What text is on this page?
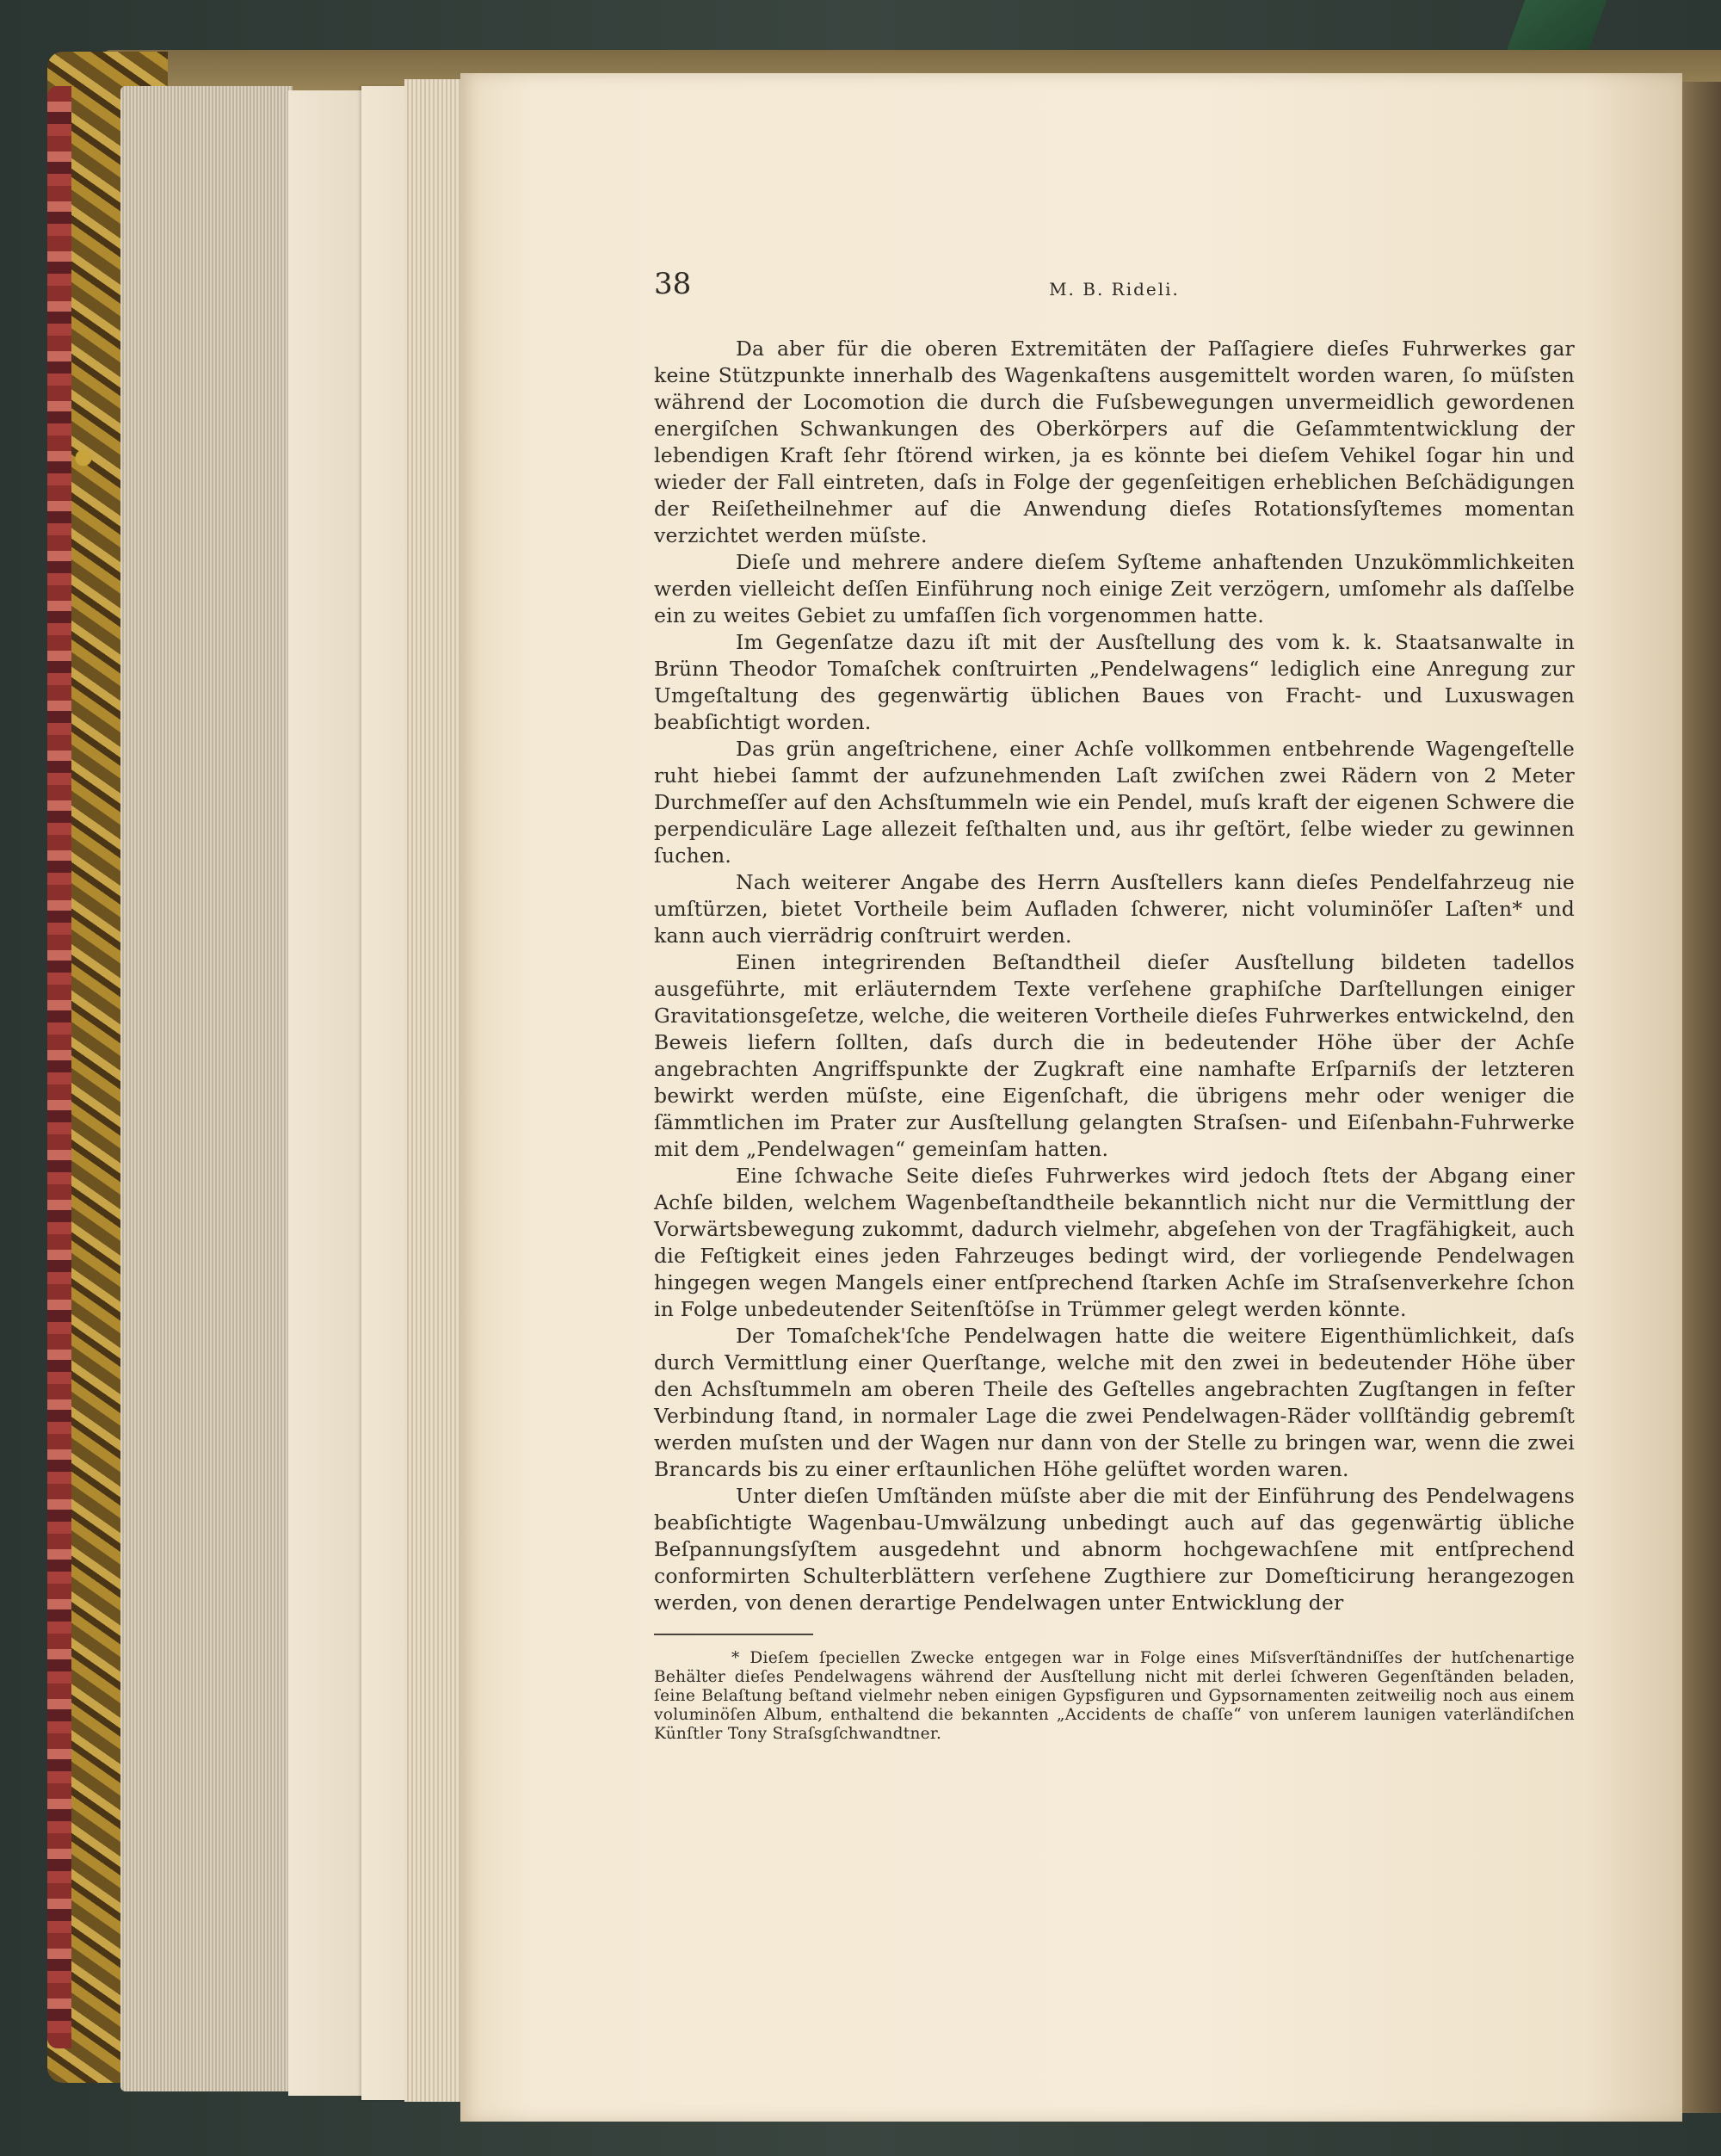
38	M. B. Rideli.

Da aber für die oberen Extremitäten der Paſſagiere dieſes Fuhrwerkes gar keine Stützpunkte innerhalb des Wagenkaſtens ausgemittelt worden waren, ſo müſsten während der Locomotion die durch die Fuſsbewegungen unvermeidlich gewordenen energiſchen Schwankungen des Oberkörpers auf die Geſammtentwicklung der lebendigen Kraft ſehr ſtörend wirken, ja es könnte bei dieſem Vehikel ſogar hin und wieder der Fall eintreten, daſs in Folge der gegenſeitigen erheblichen Beſchädigungen der Reiſetheilnehmer auf die Anwendung dieſes Rotationsſyſtemes momentan verzichtet werden müſste.

Dieſe und mehrere andere dieſem Syſteme anhaftenden Unzukömmlichkeiten werden vielleicht deſſen Einführung noch einige Zeit verzögern, umſomehr als daſſelbe ein zu weites Gebiet zu umfaſſen ſich vorgenommen hatte.

Im Gegenſatze dazu iſt mit der Ausſtellung des vom k. k. Staatsanwalte in Brünn Theodor Tomaſchek conſtruirten „Pendelwagens“ lediglich eine Anregung zur Umgeſtaltung des gegenwärtig üblichen Baues von Fracht- und Luxuswagen beabſichtigt worden.

Das grün angeſtrichene, einer Achſe vollkommen entbehrende Wagengeſtelle ruht hiebei ſammt der aufzunehmenden Laſt zwiſchen zwei Rädern von 2 Meter Durchmeſſer auf den Achsſtummeln wie ein Pendel, muſs kraft der eigenen Schwere die perpendiculäre Lage allezeit feſthalten und, aus ihr geſtört, ſelbe wieder zu gewinnen ſuchen.

Nach weiterer Angabe des Herrn Ausſtellers kann dieſes Pendelfahrzeug nie umſtürzen, bietet Vortheile beim Aufladen ſchwerer, nicht voluminöſer Laſten* und kann auch vierrädrig conſtruirt werden.

Einen integrirenden Beſtandtheil dieſer Ausſtellung bildeten tadellos ausgeführte, mit erläuterndem Texte verſehene graphiſche Darſtellungen einiger Gravitationsgeſetze, welche, die weiteren Vortheile dieſes Fuhrwerkes entwickelnd, den Beweis liefern ſollten, daſs durch die in bedeutender Höhe über der Achſe angebrachten Angriffspunkte der Zugkraft eine namhafte Erſparniſs der letzteren bewirkt werden müſste, eine Eigenſchaft, die übrigens mehr oder weniger die ſämmtlichen im Prater zur Ausſtellung gelangten Straſsen- und Eiſenbahn-Fuhrwerke mit dem „Pendelwagen“ gemeinſam hatten.

Eine ſchwache Seite dieſes Fuhrwerkes wird jedoch ſtets der Abgang einer Achſe bilden, welchem Wagenbeſtandtheile bekanntlich nicht nur die Vermittlung der Vorwärtsbewegung zukommt, dadurch vielmehr, abgeſehen von der Tragfähigkeit, auch die Feſtigkeit eines jeden Fahrzeuges bedingt wird, der vorliegende Pendelwagen hingegen wegen Mangels einer entſprechend ſtarken Achſe im Straſsenverkehre ſchon in Folge unbedeutender Seitenſtöſse in Trümmer gelegt werden könnte.

Der Tomaſchek'ſche Pendelwagen hatte die weitere Eigenthümlichkeit, daſs durch Vermittlung einer Querſtange, welche mit den zwei in bedeutender Höhe über den Achsſtummeln am oberen Theile des Geſtelles angebrachten Zugſtangen in feſter Verbindung ſtand, in normaler Lage die zwei Pendelwagen-Räder vollſtändig gebremſt werden muſsten und der Wagen nur dann von der Stelle zu bringen war, wenn die zwei Brancards bis zu einer erſtaunlichen Höhe gelüftet worden waren.

Unter dieſen Umſtänden müſste aber die mit der Einführung des Pendelwagens beabſichtigte Wagenbau-Umwälzung unbedingt auch auf das gegenwärtig übliche Beſpannungsſyſtem ausgedehnt und abnorm hochgewachſene mit entſprechend conformirten Schulterblättern verſehene Zugthiere zur Domeſticirung herangezogen werden, von denen derartige Pendelwagen unter Entwicklung der

* Dieſem ſpeciellen Zwecke entgegen war in Folge eines Miſsverſtändniſſes der hutſchenartige Behälter dieſes Pendelwagens während der Ausſtellung nicht mit derlei ſchweren Gegenſtänden beladen, ſeine Belaſtung beſtand vielmehr neben einigen Gypsfiguren und Gypsornamenten zeitweilig noch aus einem voluminöſen Album, enthaltend die bekannten „Accidents de chaſſe“ von unſerem launigen vaterländiſchen Künſtler Tony Straſsgſchwandtner.
